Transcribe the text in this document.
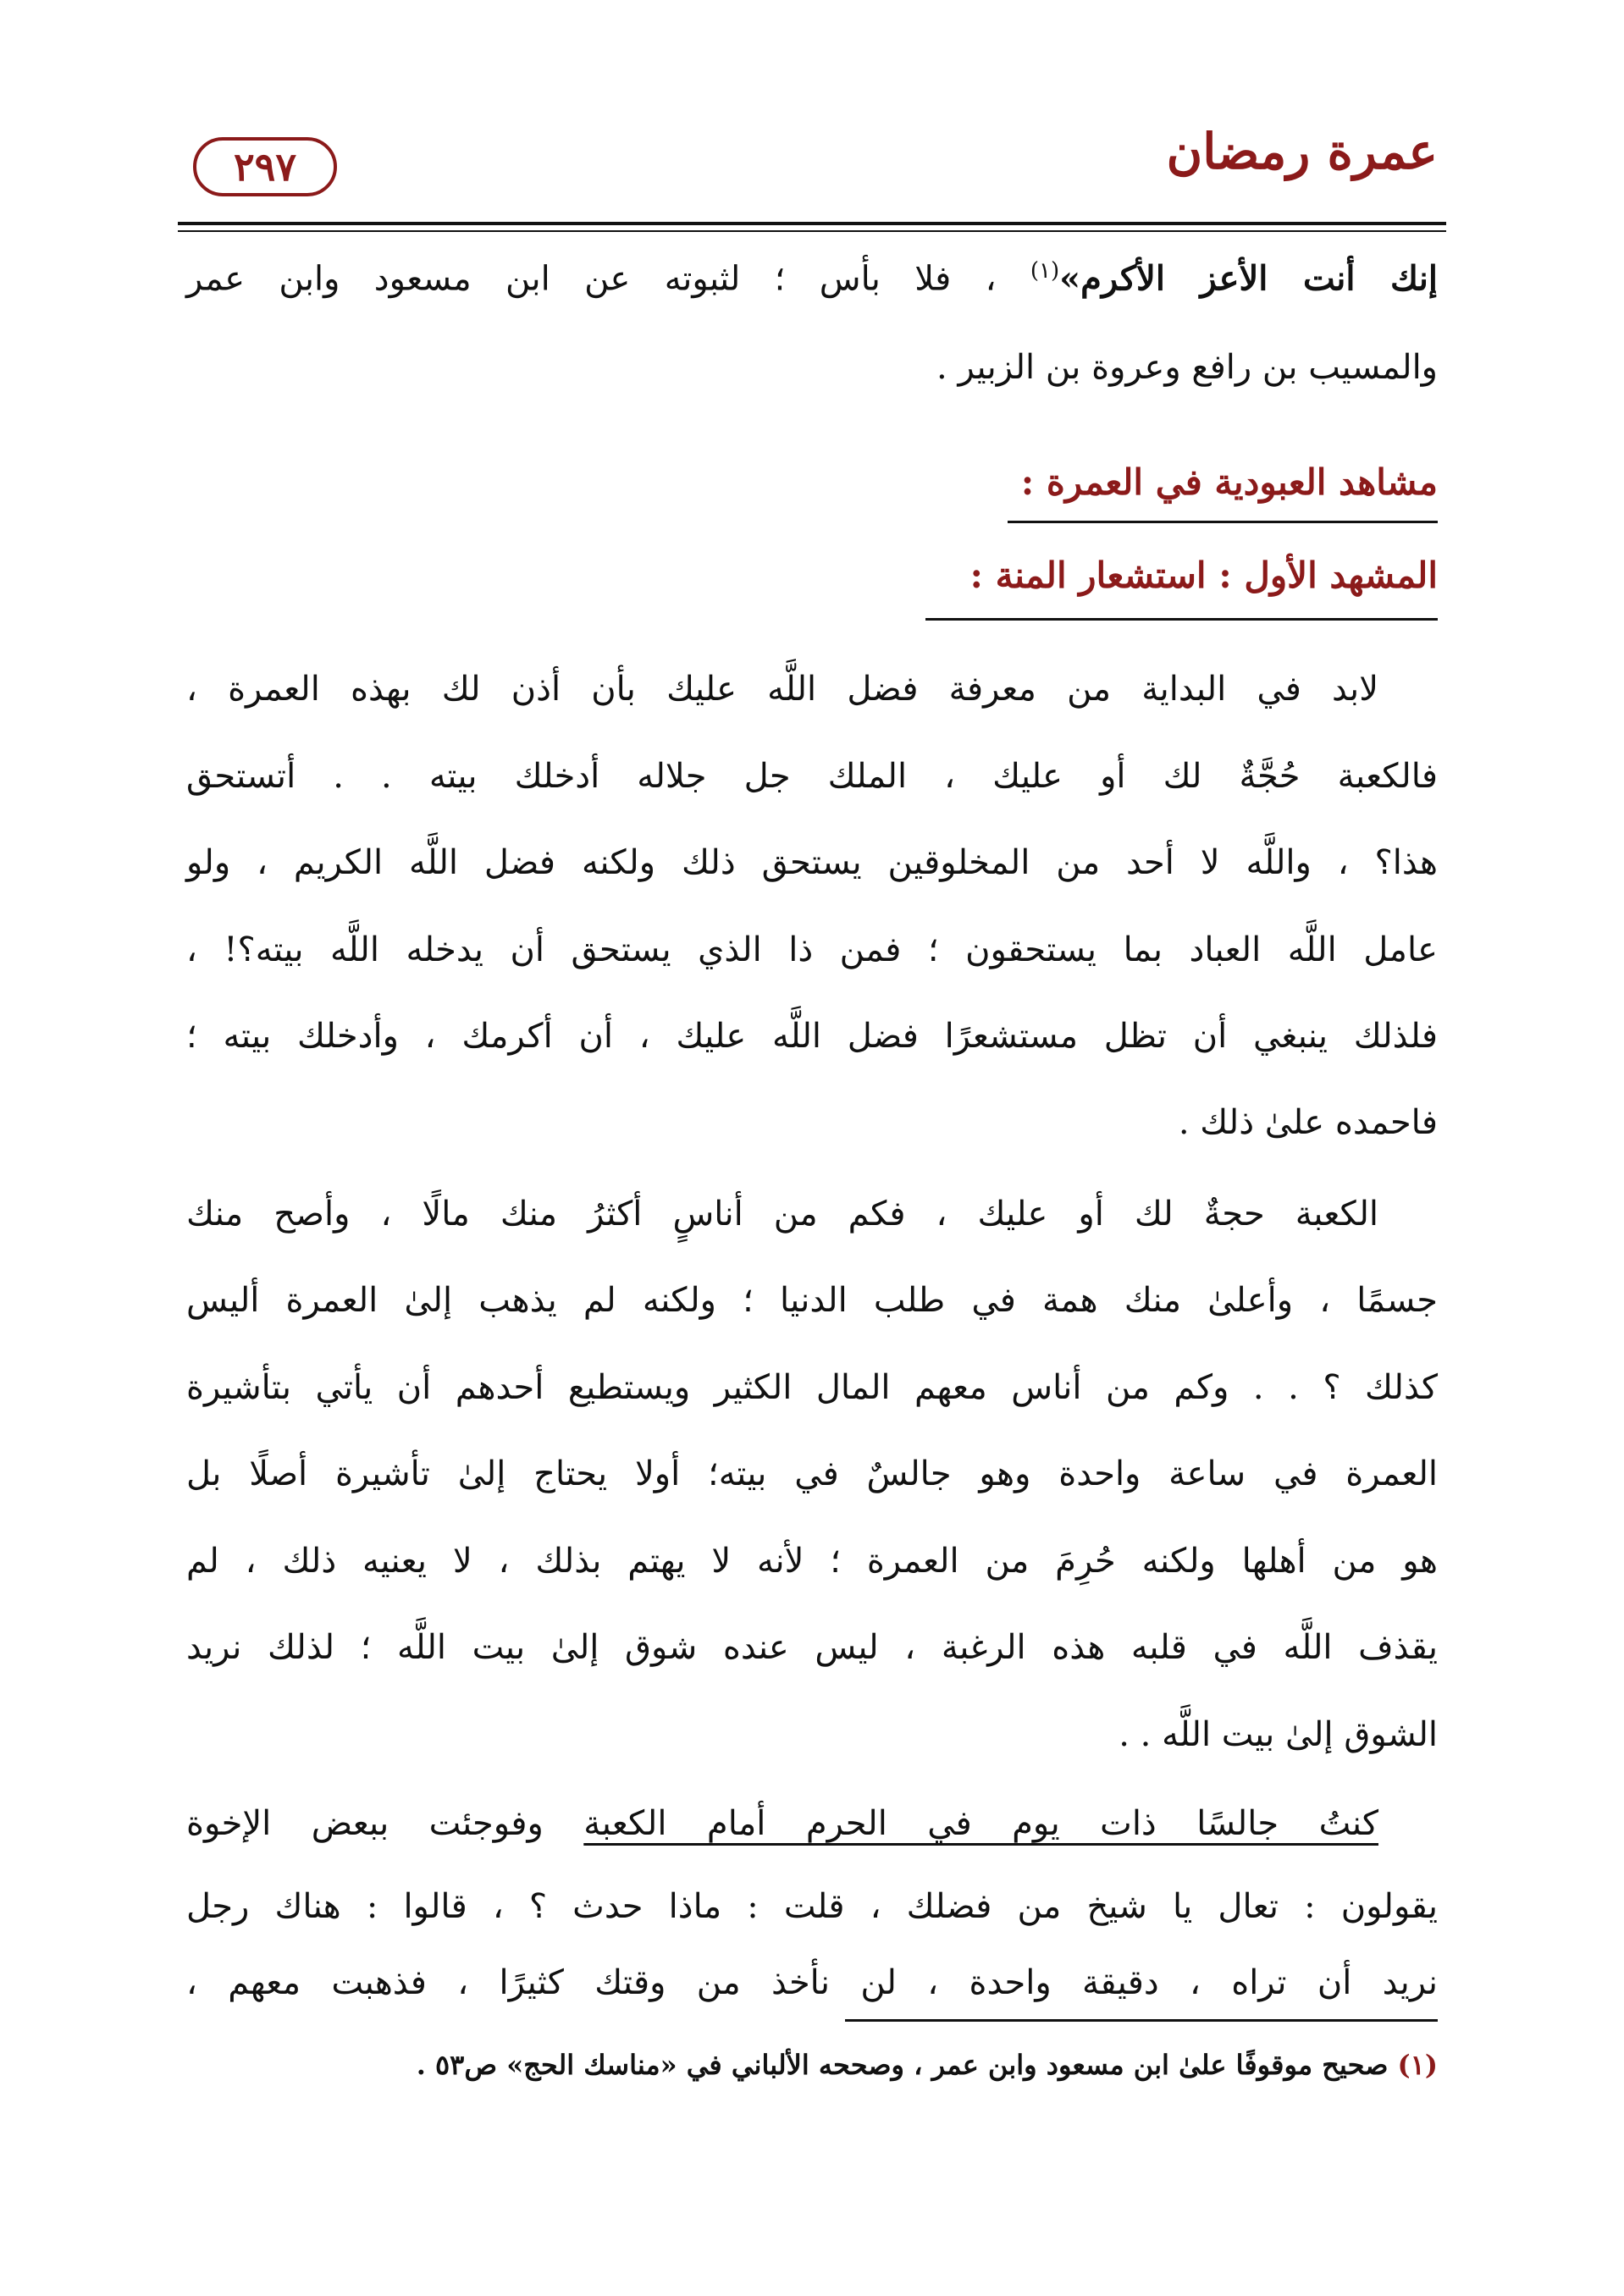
عمرة رمضان
٢٩٧
إنك أنت الأعز الأكرم»$^{(١)}$ ، فلا بأس ؛ لثبوته عن ابن مسعود وابن عمر
والمسيب بن رافع وعروة بن الزبير .
مشاهد العبودية في العمرة :
المشهد الأول : استشعار المنة :
لابد في البداية من معرفة فضل اللَّه عليك بأن أذن لك بهذه العمرة ،
فالكعبة حُجَّةٌ لك أو عليك ، الملك جل جلاله أدخلك بيته . . أتستحق
هذا؟ ، واللَّه لا أحد من المخلوقين يستحق ذلك ولكنه فضل اللَّه الكريم ، ولو
عامل اللَّه العباد بما يستحقون ؛ فمن ذا الذي يستحق أن يدخله اللَّه بيته؟! ،
فلذلك ينبغي أن تظل مستشعرًا فضل اللَّه عليك ، أن أكرمك ، وأدخلك بيته ؛
فاحمده علىٰ ذلك .
الكعبة حجةٌ لك أو عليك ، فكم من أناسٍ أكثرُ منك مالًا ، وأصح منك
جسمًا ، وأعلىٰ منك همة في طلب الدنيا ؛ ولكنه لم يذهب إلىٰ العمرة أليس
كذلك ؟ . . وكم من أناس معهم المال الكثير ويستطيع أحدهم أن يأتي بتأشيرة
العمرة في ساعة واحدة وهو جالسٌ في بيته؛ أولا يحتاج إلىٰ تأشيرة أصلًا بل
هو من أهلها ولكنه حُرِمَ من العمرة ؛ لأنه لا يهتم بذلك ، لا يعنيه ذلك ، لم
يقذف اللَّه في قلبه هذه الرغبة ، ليس عنده شوق إلىٰ بيت اللَّه ؛ لذلك نريد
الشوق إلىٰ بيت اللَّه . .
كنتُ جالسًا ذات يوم في الحرم أمام الكعبة وفوجئت ببعض الإخوة
يقولون : تعال يا شيخ من فضلك ، قلت : ماذا حدث ؟ ، قالوا : هناك رجل
نريد أن تراه ، دقيقة واحدة ، لن نأخذ من وقتك كثيرًا ، فذهبت معهم ،
(١) صحيح موقوفًا علىٰ ابن مسعود وابن عمر ، وصححه الألباني في «مناسك الحج» ص٥٣ .
